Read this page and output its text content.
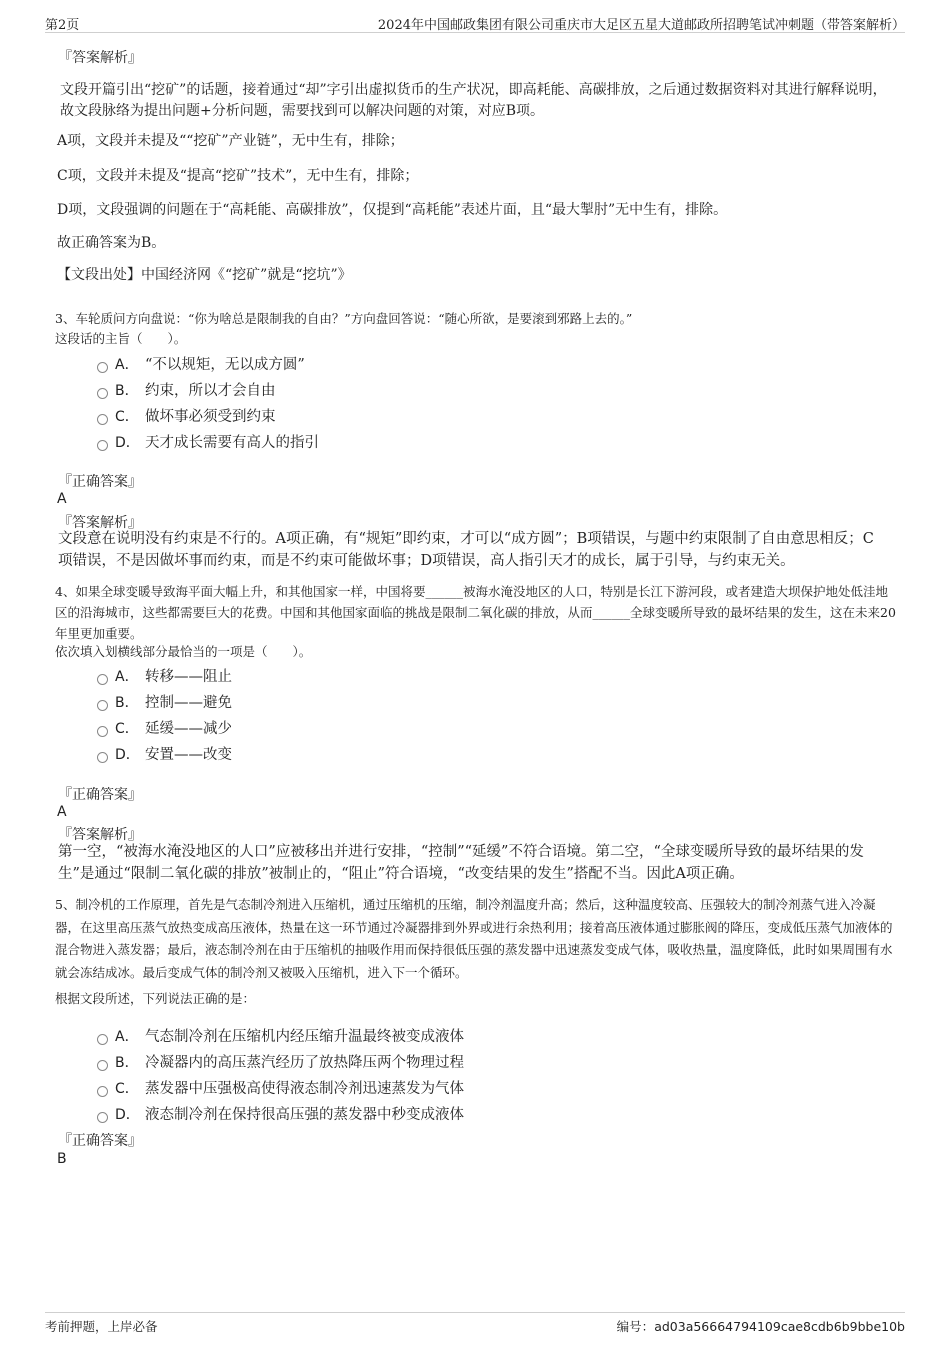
第2页	2024年中国邮政集团有限公司重庆市大足区五星大道邮政所招聘笔试冲刺题（带答案解析）
『答案解析』
文段开篇引出“挖矿”的话题，接着通过“却”字引出虚拟货币的生产状况，即高耗能、高碳排放，之后通过数据资料对其进行解释说明，故文段脉络为提出问题+分析问题，需要找到可以解决问题的对策，对应B项。
A项，文段并未提及““挖矿”产业链”，无中生有，排除；
C项，文段并未提及“提高“挖矿”技术”，无中生有，排除；
D项，文段强调的问题在于“高耗能、高碳排放”，仅提到“高耗能”表述片面，且“最大掣肘”无中生有，排除。
故正确答案为B。
【文段出处】中国经济网《“挖矿”就是“挖坑”》
3、车轮质问方向盘说：“你为啥总是限制我的自由？”方向盘回答说：“随心所欲，是要滚到邪路上去的。”
这段话的主旨（　　）。
A． “不以规矩，无以成方圆”
B． 约束，所以才会自由
C． 做坏事必须受到约束
D． 天才成长需要有高人的指引
『正确答案』
A
『答案解析』
文段意在说明没有约束是不行的。A项正确，有“规矩”即约束，才可以“成方圆”；B项错误，与题中约束限制了自由意思相反；C项错误，不是因做坏事而约束，而是不约束可能做坏事；D项错误，高人指引天才的成长，属于引导，与约束无关。
4、如果全球变暖导致海平面大幅上升，和其他国家一样，中国将要______被海水淹没地区的人口，特别是长江下游河段，或者建造大坝保护地处低洼地区的沿海城市，这些都需要巨大的花费。中国和其他国家面临的挑战是限制二氧化碳的排放，从而______全球变暖所导致的最坏结果的发生，这在未来20年里更加重要。
依次填入划横线部分最恰当的一项是（　　）。
A． 转移——阻止
B． 控制——避免
C． 延缓——减少
D． 安置——改变
『正确答案』
A
『答案解析』
第一空，“被海水淹没地区的人口”应被移出并进行安排，“控制”“延缓”不符合语境。第二空，“全球变暖所导致的最坏结果的发生”是通过“限制二氧化碳的排放”被制止的，“阻止”符合语境，“改变结果的发生”搭配不当。因此A项正确。
5、制冷机的工作原理，首先是气态制冷剂进入压缩机，通过压缩机的压缩，制冷剂温度升高；然后，这种温度较高、压强较大的制冷剂蒸气进入冷凝器，在这里高压蒸气放热变成高压液体，热量在这一环节通过冷凝器排到外界或进行余热利用；接着高压液体通过膨胀阀的降压，变成低压蒸气加液体的混合物进入蒸发器；最后，液态制冷剂在由于压缩机的抽吸作用而保持很低压强的蒸发器中迅速蒸发变成气体，吸收热量，温度降低，此时如果周围有水就会冻结成冰。最后变成气体的制冷剂又被吸入压缩机，进入下一个循环。
根据文段所述，下列说法正确的是：
A． 气态制冷剂在压缩机内经压缩升温最终被变成液体
B． 冷凝器内的高压蒸汽经历了放热降压两个物理过程
C． 蒸发器中压强极高使得液态制冷剂迅速蒸发为气体
D． 液态制冷剂在保持很高压强的蒸发器中秒变成液体
『正确答案』
B
考前押题，上岸必备	编号：ad03a56664794109cae8cdb6b9bbe10b
